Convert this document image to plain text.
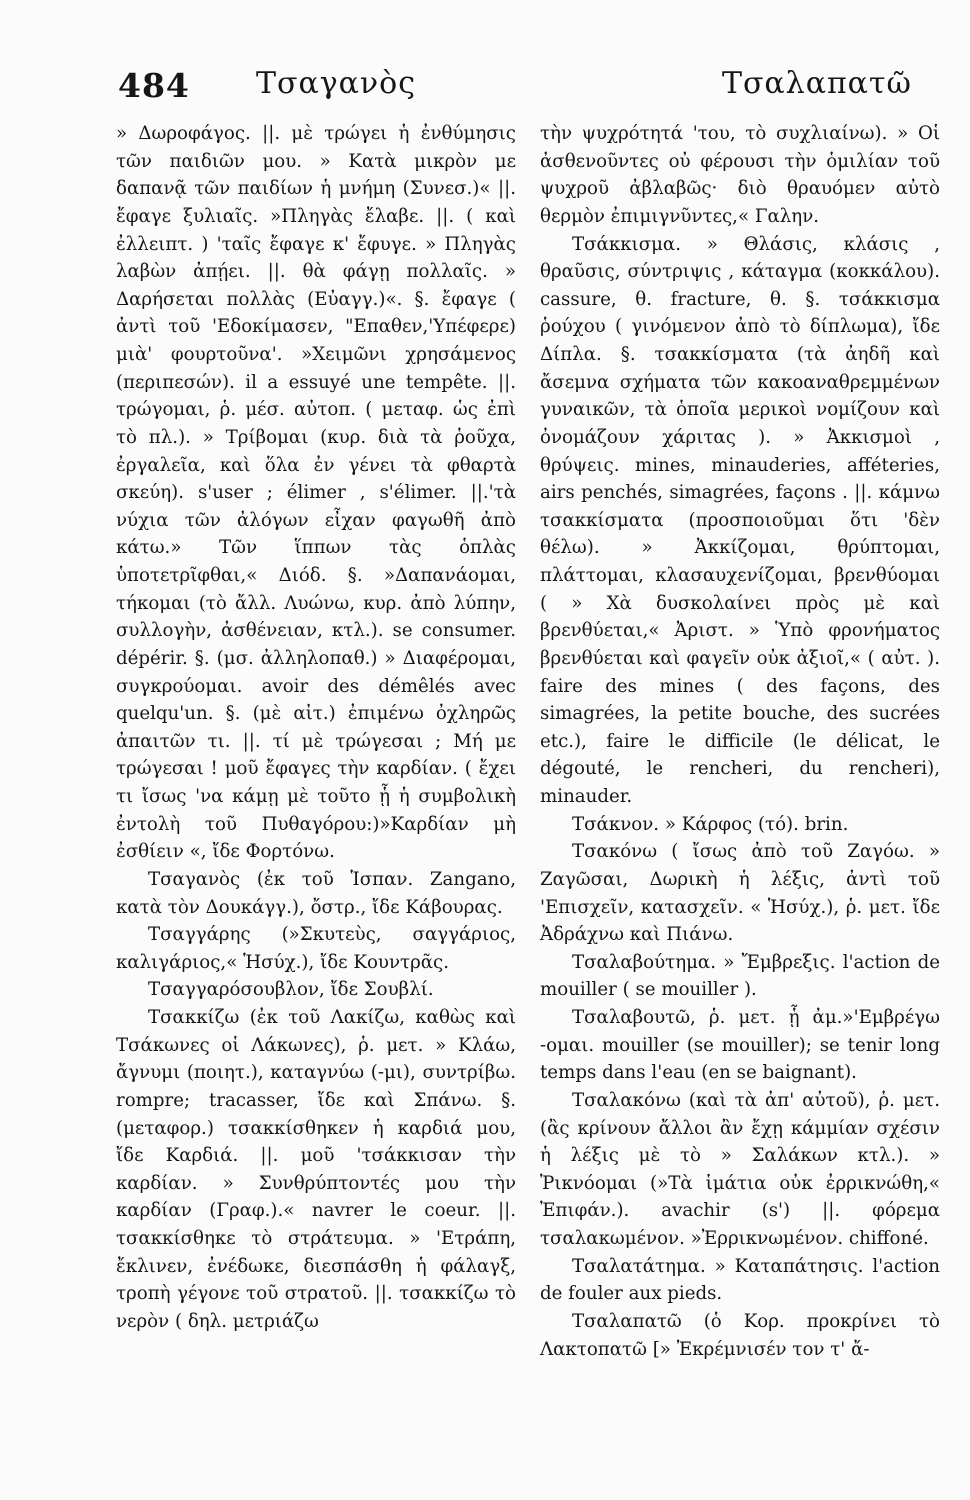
484 Τσαγανὸς	Τσαλαπατῶ

» Δωροφάγος. ||. μὲ τρώγει ἡ ἐνθύμησις τῶν παιδιῶν μου. » Κατὰ μικρὸν με δαπανᾷ τῶν παιδίων ἡ μνήμη (Συνεσ.)« ||. ἔφαγε ξυλιαῖς. »Πληγὰς ἔλαβε. ||. ( καὶ ἐλλειπτ. ) 'ταῖς ἔφαγε κ' ἔφυγε. » Πληγὰς λαβὼν ἀπῄει. ||. θὰ φάγῃ πολλαῖς. » Δαρήσεται πολλὰς (Εὐαγγ.)«. §. ἔφαγε ( ἀντὶ τοῦ 'Εδοκίμασεν, "Επαθεν,'Υπέφερε) μιὰ' φουρτοῦνα'. »Χειμῶνι χρησάμενος (περιπεσών). il a essuyé une tempête. ||. τρώγομαι, ῥ. μέσ. αὐτοπ. ( μεταφ. ὡς ἐπὶ τὸ πλ.). » Τρίβομαι (κυρ. διὰ τὰ ῥοῦχα, ἐργαλεῖα, καὶ ὅλα ἐν γένει τὰ φθαρτὰ σκεύη). s'user ; élimer , s'élimer. ||.'τὰ νύχια τῶν ἀλόγων εἶχαν φαγωθῆ ἀπὸ κάτω.» Τῶν ἵππων τὰς ὁπλὰς ὑποτετρῖφθαι,« Διόδ. §. »Δαπανάομαι, τήκομαι (τὸ ἄλλ. Λυώνω, κυρ. ἀπὸ λύπην, συλλογὴν, ἀσθένειαν, κτλ.). se consumer. dépérir. §. (μσ. ἀλληλοπαθ.) » Διαφέρομαι, συγκρούομαι. avoir des démêlés avec quelqu'un. §. (μὲ αἰτ.) ἐπιμένω ὀχληρῶς ἀπαιτῶν τι. ||. τί μὲ τρώγεσαι ; Μή με τρώγεσαι ! μοῦ ἔφαγες τὴν καρδίαν. ( ἔχει τι ἴσως 'να κάμῃ μὲ τοῦτο ᾗ ἡ συμβολικὴ ἐντολὴ τοῦ Πυθαγόρου:)»Καρδίαν μὴ ἐσθίειν «, ἴδε Φορτόνω.

Τσαγανὸς (ἐκ τοῦ Ἱσπαν. Zangano, κατὰ τὸν Δουκάγγ.), ὄστρ., ἴδε Κάβουρας.

Τσαγγάρης (»Σκυτεὺς, σαγγάριος, καλιγάριος,« Ἡσύχ.), ἴδε Κουντρᾶς.

Τσαγγαρόσουβλον, ἴδε Σουβλί.

Τσακκίζω (ἐκ τοῦ Λακίζω, καθὼς καὶ Τσάκωνες οἱ Λάκωνες), ῥ. μετ. » Κλάω, ἄγνυμι (ποιητ.), καταγνύω (-μι), συντρίβω. rompre; tracasser, ἴδε καὶ Σπάνω. §. (μεταφορ.) τσακκίσθηκεν ἡ καρδιά μου, ἴδε Καρδιά. ||. μοῦ 'τσάκκισαν τὴν καρδίαν. » Συνθρύπτοντές μου τὴν καρδίαν (Γραφ.).« navrer le coeur. ||. τσακκίσθηκε τὸ στράτευμα. » 'Ετράπη, ἔκλινεν, ἐνέδωκε, διεσπάσθη ἡ φάλαγξ, τροπὴ γέγονε τοῦ στρατοῦ. ||. τσακκίζω τὸ νερὸν ( δηλ. μετριάζω

τὴν ψυχρότητά 'του, τὸ συχλιαίνω). » Οἱ ἀσθενοῦντες οὐ φέρουσι τὴν ὁμιλίαν τοῦ ψυχροῦ ἀβλαβῶς· διὸ θραυόμεν αὐτὸ θερμὸν ἐπιμιγνῦντες,« Γαλην.

Τσάκκισμα. » Θλάσις, κλάσις , θραῦσις, σύντριψις , κάταγμα (κοκκάλου). cassure, θ. fracture, θ. §. τσάκκισμα ῥούχου ( γινόμενον ἀπὸ τὸ δίπλωμα), ἴδε Δίπλα. §. τσακκίσματα (τὰ ἀηδῆ καὶ ἄσεμνα σχήματα τῶν κακοαναθρεμμένων γυναικῶν, τὰ ὁποῖα μερικοὶ νομίζουν καὶ ὀνομάζουν χάριτας ). » Ἀκκισμοὶ , θρύψεις. mines, minauderies, afféteries, airs penchés, simagrées, façons . ||. κάμνω τσακκίσματα (προσποιοῦμαι ὅτι 'δὲν θέλω). » Ἀκκίζομαι, θρύπτομαι, πλάττομαι, κλασαυχενίζομαι, βρενθύομαι ( » Χὰ δυσκολαίνει πρὸς μὲ καὶ βρενθύεται,« Ἀριστ. » Ὑπὸ φρονήματος βρενθύεται καὶ φαγεῖν οὐκ ἀξιοῖ,« ( αὐτ. ). faire des mines ( des façons, des simagrées, la petite bouche, des sucrées etc.), faire le difficile (le délicat, le dégouté, le rencheri, du rencheri), minauder.

Τσάκνον. » Κάρφος (τό). brin.

Τσακόνω ( ἴσως ἀπὸ τοῦ Ζαγόω. » Ζαγῶσαι, Δωρικὴ ἡ λέξις, ἀντὶ τοῦ 'Επισχεῖν, κατασχεῖν. « Ἡσύχ.), ῥ. μετ. ἴδε Ἀδράχνω καὶ Πιάνω.

Τσαλαβούτημα. » Ἔμβρεξις. l'action de mouiller ( se mouiller ).

Τσαλαβουτῶ, ῥ. μετ. ᾗ ἀμ.»'Εμβρέγω -ομαι. mouiller (se mouiller); se tenir long temps dans l'eau (en se baignant).

Τσαλακόνω (καὶ τὰ ἀπ' αὐτοῦ), ῥ. μετ. (ἂς κρίνουν ἄλλοι ἂν ἔχῃ κάμμίαν σχέσιν ἡ λέξις μὲ τὸ » Σαλάκων κτλ.). » Ῥικνόομαι (»Τὰ ἱμάτια οὐκ ἐρρικνώθη,« Ἐπιφάν.). avachir (s') ||. φόρεμα τσαλακωμένον. »Ἐρρικνωμένον. chiffoné.

Τσαλατάτημα. » Καταπάτησις. l'action de fouler aux pieds.

Τσαλαπατῶ (ὁ Κορ. προκρίνει τὸ Λακτοπατῶ [» Ἐκρέμνισέν τον τ' ἄ-
